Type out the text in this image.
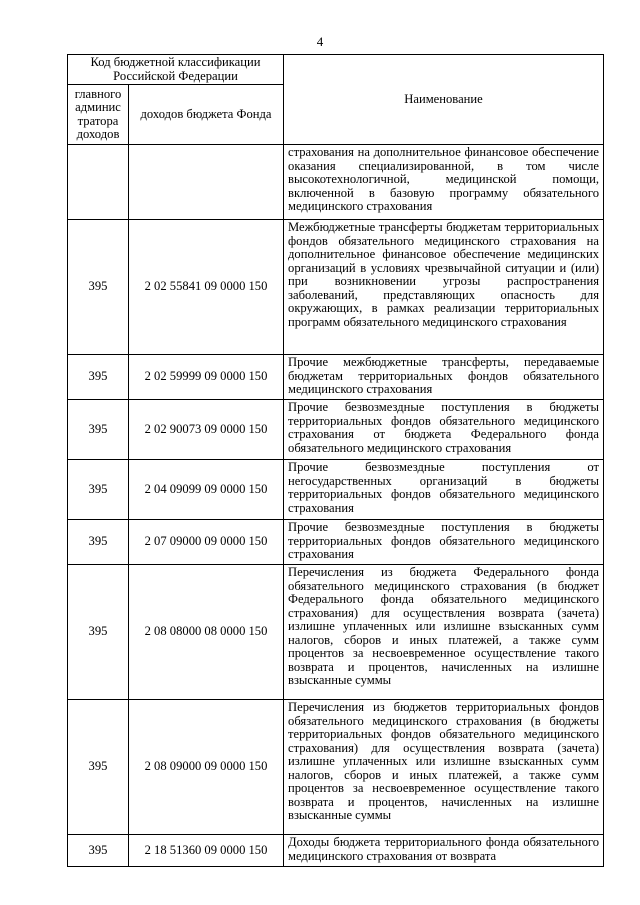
4
Код бюджетной классификации Российской Федерации		Наименование
главного админис тратора доходов	доходов бюджета Фонда	
		страхования на дополнительное финансовое обеспечение оказания специализированной, в том числе высокотехнологичной, медицинской помощи, включенной в базовую программу обязательного медицинского страхования
395	2 02 55841 09 0000 150	Межбюджетные трансферты бюджетам территориальных фондов обязательного медицинского страхования на дополнительное финансовое обеспечение медицинских организаций в условиях чрезвычайной ситуации и (или) при возникновении угрозы распространения заболеваний, представляющих опасность для окружающих, в рамках реализации территориальных программ обязательного медицинского страхования
395	2 02 59999 09 0000 150	Прочие межбюджетные трансферты, передаваемые бюджетам территориальных фондов обязательного медицинского страхования
395	2 02 90073 09 0000 150	Прочие безвозмездные поступления в бюджеты территориальных фондов обязательного медицинского страхования от бюджета Федерального фонда обязательного медицинского страхования
395	2 04 09099 09 0000 150	Прочие безвозмездные поступления от негосударственных организаций в бюджеты территориальных фондов обязательного медицинского страхования
395	2 07 09000 09 0000 150	Прочие безвозмездные поступления в бюджеты территориальных фондов обязательного медицинского страхования
395	2 08 08000 08 0000 150	Перечисления из бюджета Федерального фонда обязательного медицинского страхования (в бюджет Федерального фонда обязательного медицинского страхования) для осуществления возврата (зачета) излишне уплаченных или излишне взысканных сумм налогов, сборов и иных платежей, а также сумм процентов за несвоевременное осуществление такого возврата и процентов, начисленных на излишне взысканные суммы
395	2 08 09000 09 0000 150	Перечисления из бюджетов территориальных фондов обязательного медицинского страхования (в бюджеты территориальных фондов обязательного медицинского страхования) для осуществления возврата (зачета) излишне уплаченных или излишне взысканных сумм налогов, сборов и иных платежей, а также сумм процентов за несвоевременное осуществление такого возврата и процентов, начисленных на излишне взысканные суммы
395	2 18 51360 09 0000 150	Доходы бюджета территориального фонда обязательного медицинского страхования от возврата
